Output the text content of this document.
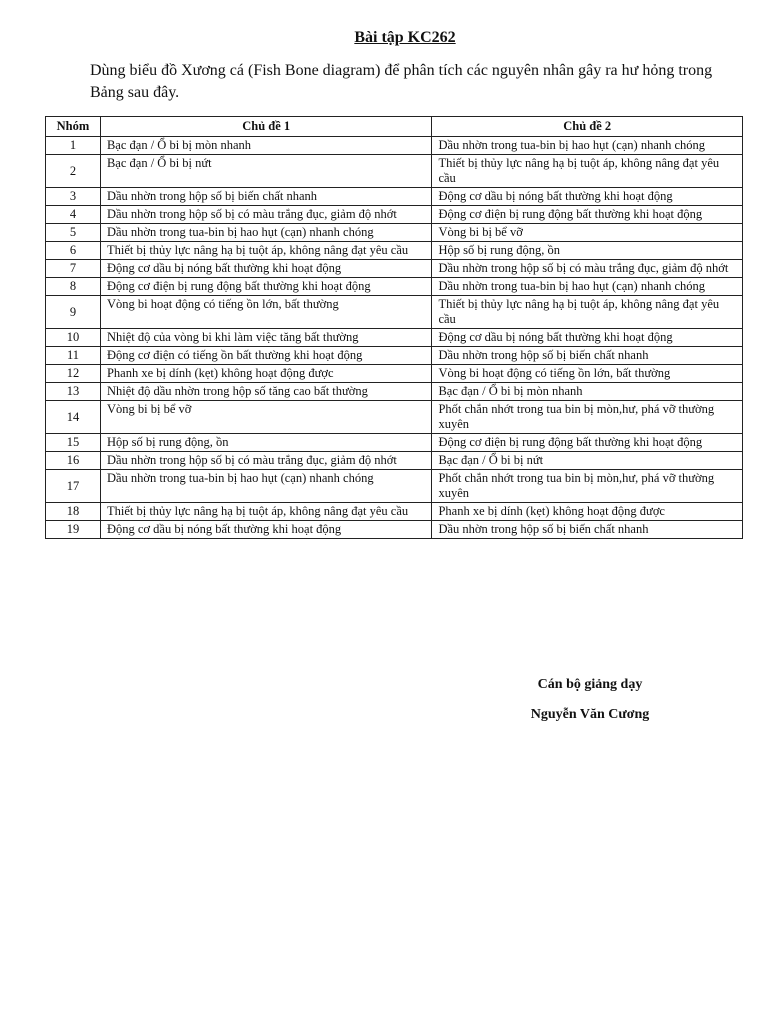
Bài tập KC262
Dùng biểu đồ Xương cá (Fish Bone diagram) để phân tích các nguyên nhân gây ra hư hỏng trong Bảng sau đây.
Nhóm	Chủ đề 1	Chủ đề 2
1	Bạc đạn / Ổ bi bị mòn nhanh	Dầu nhờn trong tua-bin bị hao hụt (cạn) nhanh chóng
2	Bạc đạn / Ổ bi bị nứt	Thiết bị thủy lực nâng hạ bị tuột áp, không nâng đạt yêu cầu
3	Dầu nhờn trong hộp số bị biến chất nhanh	Động cơ dầu bị nóng bất thường khi hoạt động
4	Dầu nhờn trong hộp số bị có màu trắng đục, giảm độ nhớt	Động cơ điện bị rung động bất thường khi hoạt động
5	Dầu nhờn trong tua-bin bị hao hụt (cạn) nhanh chóng	Vòng bi bị bể vỡ
6	Thiết bị thủy lực nâng hạ bị tuột áp, không nâng đạt yêu cầu	Hộp số bị rung động, ồn
7	Động cơ dầu bị nóng bất thường khi hoạt động	Dầu nhờn trong hộp số bị có màu trắng đục, giảm độ nhớt
8	Động cơ điện bị rung động bất thường khi hoạt động	Dầu nhờn trong tua-bin bị hao hụt (cạn) nhanh chóng
9	Vòng bi hoạt động có tiếng ồn lớn, bất thường	Thiết bị thủy lực nâng hạ bị tuột áp, không nâng đạt yêu cầu
10	Nhiệt độ của vòng bi khi làm việc tăng bất thường	Động cơ dầu bị nóng bất thường khi hoạt động
11	Động cơ điện có tiếng ồn bất thường khi hoạt động	Dầu nhờn trong hộp số bị biến chất nhanh
12	Phanh xe bị dính (kẹt) không hoạt động được	Vòng bi hoạt động có tiếng ồn lớn, bất thường
13	Nhiệt độ dầu nhờn trong hộp số tăng cao bất thường	Bạc đạn / Ổ bi bị mòn nhanh
14	Vòng bi bị bể vỡ	Phốt chắn nhớt trong tua bin bị mòn,hư, phá vỡ thường xuyên
15	Hộp số bị rung động, ồn	Động cơ điện bị rung động bất thường khi hoạt động
16	Dầu nhờn trong hộp số bị có màu trắng đục, giảm độ nhớt	Bạc đạn / Ổ bi bị nứt
17	Dầu nhờn trong tua-bin bị hao hụt (cạn) nhanh chóng	Phốt chắn nhớt trong tua bin bị mòn,hư, phá vỡ thường xuyên
18	Thiết bị thủy lực nâng hạ bị tuột áp, không nâng đạt yêu cầu	Phanh xe bị dính (kẹt) không hoạt động được
19	Động cơ dầu bị nóng bất thường khi hoạt động	Dầu nhờn trong hộp số bị biến chất nhanh
Cán bộ giảng dạy
Nguyễn Văn Cương
